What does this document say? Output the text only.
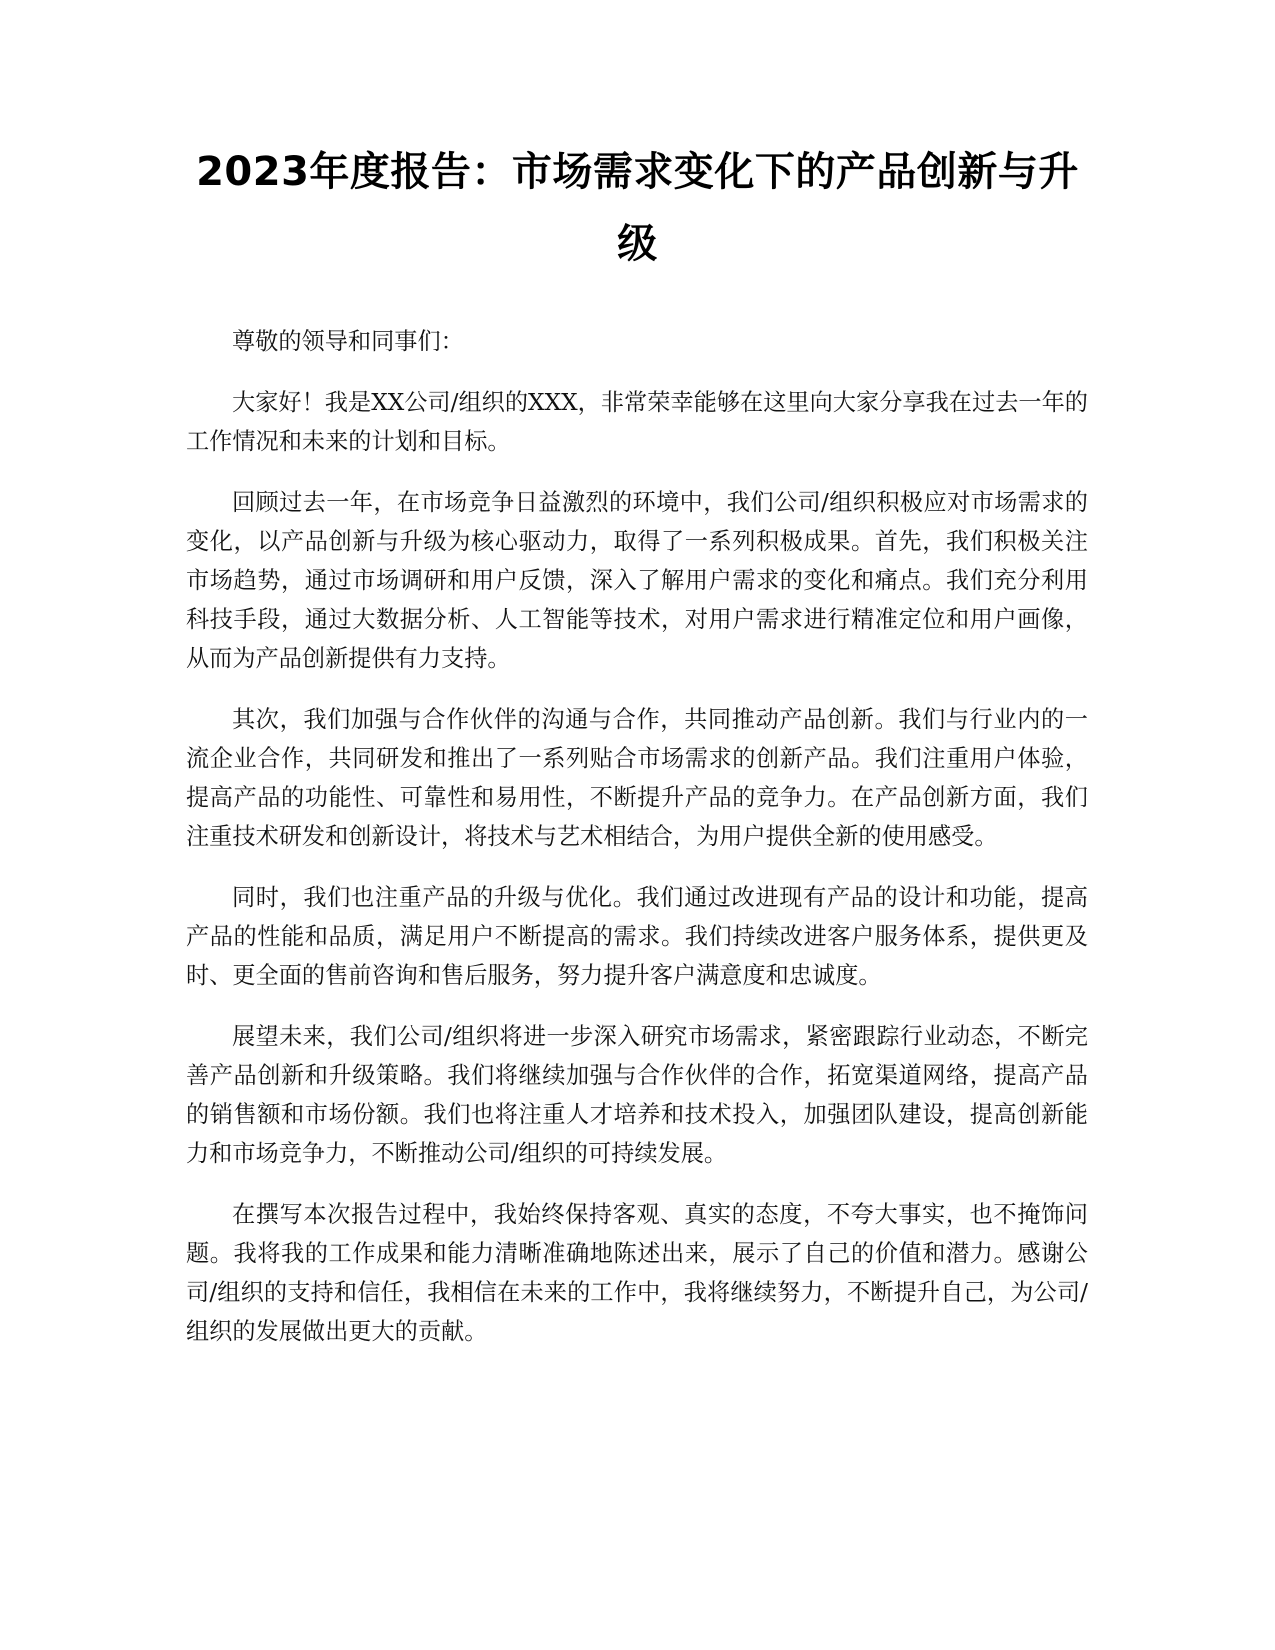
2023年度报告：市场需求变化下的产品创新与升级

尊敬的领导和同事们：

大家好！我是XX公司/组织的XXX，非常荣幸能够在这里向大家分享我在过去一年的工作情况和未来的计划和目标。

回顾过去一年，在市场竞争日益激烈的环境中，我们公司/组织积极应对市场需求的变化，以产品创新与升级为核心驱动力，取得了一系列积极成果。首先，我们积极关注市场趋势，通过市场调研和用户反馈，深入了解用户需求的变化和痛点。我们充分利用科技手段，通过大数据分析、人工智能等技术，对用户需求进行精准定位和用户画像，从而为产品创新提供有力支持。

其次，我们加强与合作伙伴的沟通与合作，共同推动产品创新。我们与行业内的一流企业合作，共同研发和推出了一系列贴合市场需求的创新产品。我们注重用户体验，提高产品的功能性、可靠性和易用性，不断提升产品的竞争力。在产品创新方面，我们注重技术研发和创新设计，将技术与艺术相结合，为用户提供全新的使用感受。

同时，我们也注重产品的升级与优化。我们通过改进现有产品的设计和功能，提高产品的性能和品质，满足用户不断提高的需求。我们持续改进客户服务体系，提供更及时、更全面的售前咨询和售后服务，努力提升客户满意度和忠诚度。

展望未来，我们公司/组织将进一步深入研究市场需求，紧密跟踪行业动态，不断完善产品创新和升级策略。我们将继续加强与合作伙伴的合作，拓宽渠道网络，提高产品的销售额和市场份额。我们也将注重人才培养和技术投入，加强团队建设，提高创新能力和市场竞争力，不断推动公司/组织的可持续发展。

在撰写本次报告过程中，我始终保持客观、真实的态度，不夸大事实，也不掩饰问题。我将我的工作成果和能力清晰准确地陈述出来，展示了自己的价值和潜力。感谢公司/组织的支持和信任，我相信在未来的工作中，我将继续努力，不断提升自己，为公司/组织的发展做出更大的贡献。
